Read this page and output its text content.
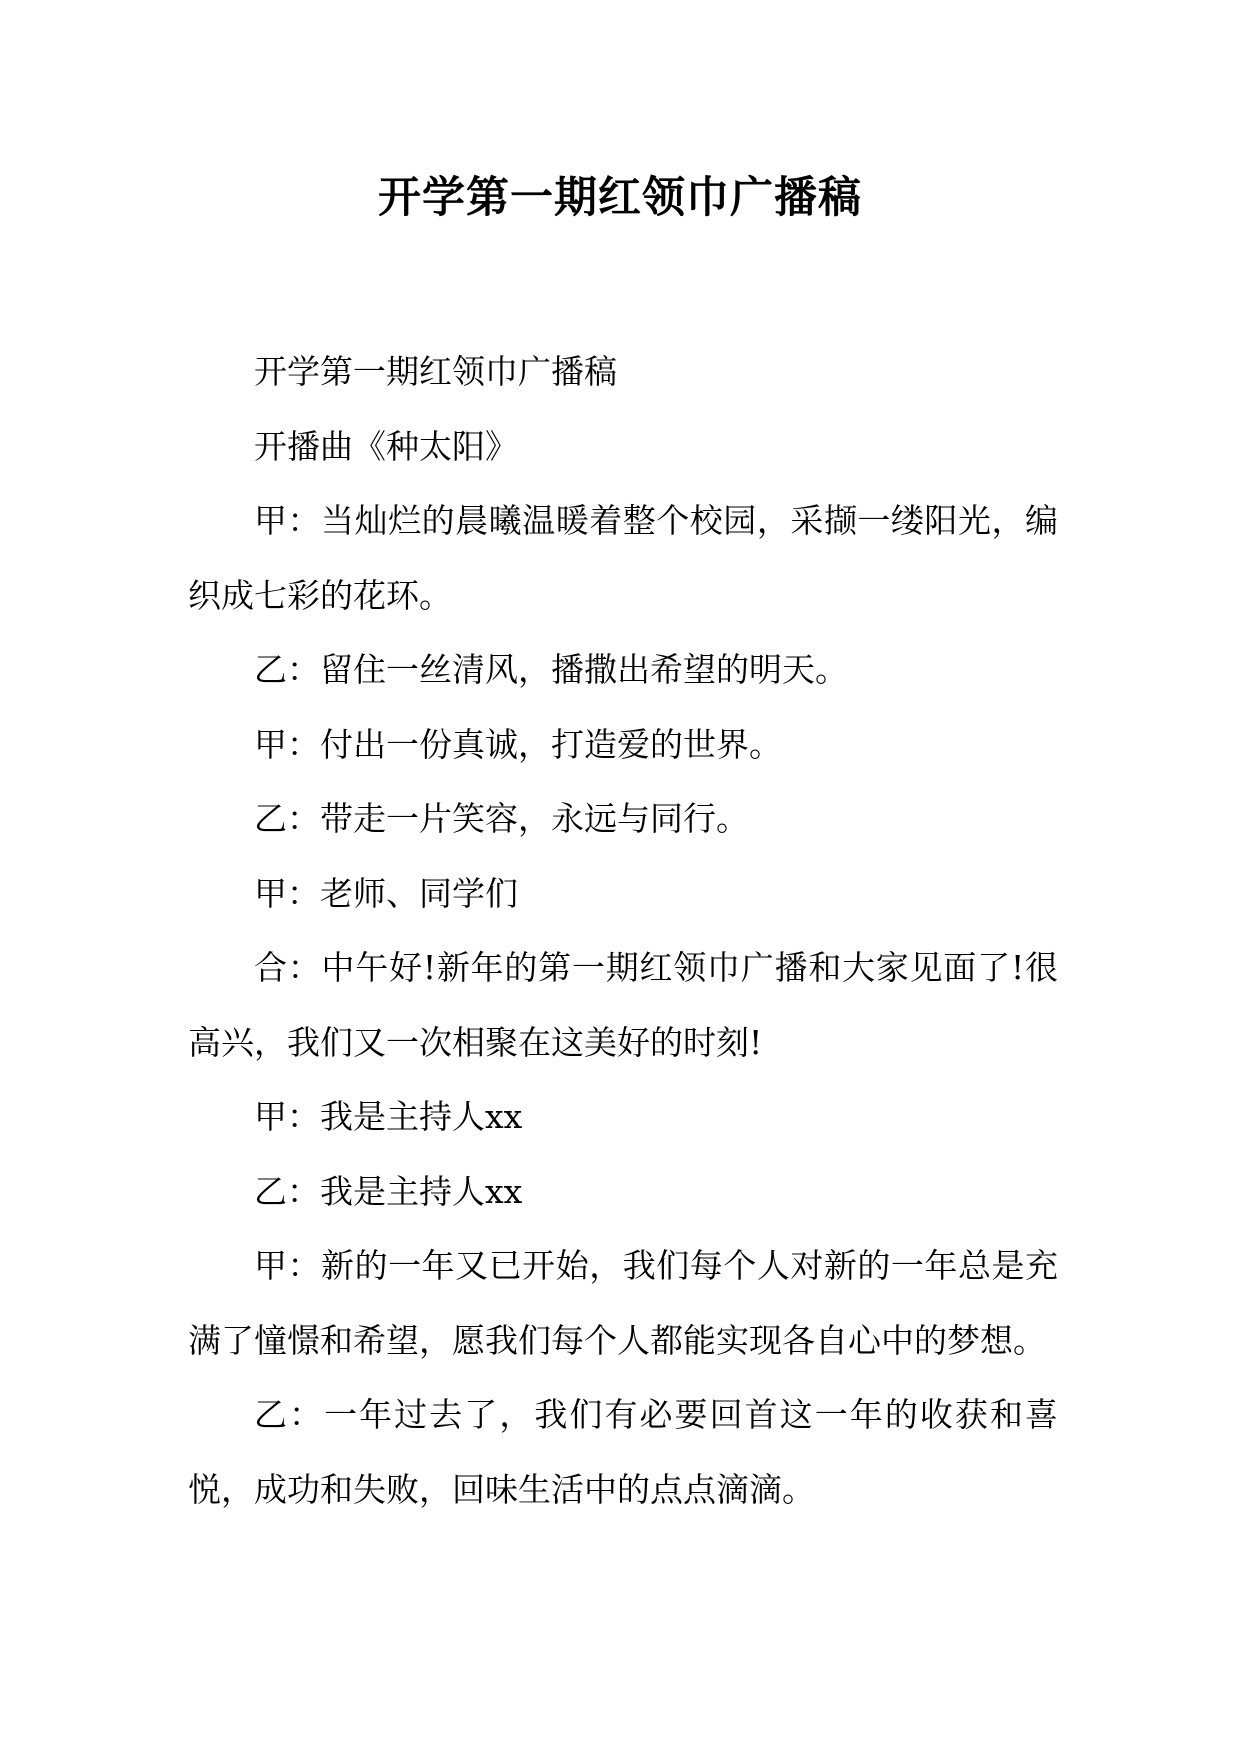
开学第一期红领巾广播稿

开学第一期红领巾广播稿

开播曲《种太阳》

甲：当灿烂的晨曦温暖着整个校园，采撷一缕阳光，编织成七彩的花环。

乙：留住一丝清风，播撒出希望的明天。

甲：付出一份真诚，打造爱的世界。

乙：带走一片笑容，永远与同行。

甲：老师、同学们

合：中午好!新年的第一期红领巾广播和大家见面了!很高兴，我们又一次相聚在这美好的时刻!

甲：我是主持人xx

乙：我是主持人xx

甲：新的一年又已开始，我们每个人对新的一年总是充满了憧憬和希望，愿我们每个人都能实现各自心中的梦想。

乙：一年过去了，我们有必要回首这一年的收获和喜悦，成功和失败，回味生活中的点点滴滴。
